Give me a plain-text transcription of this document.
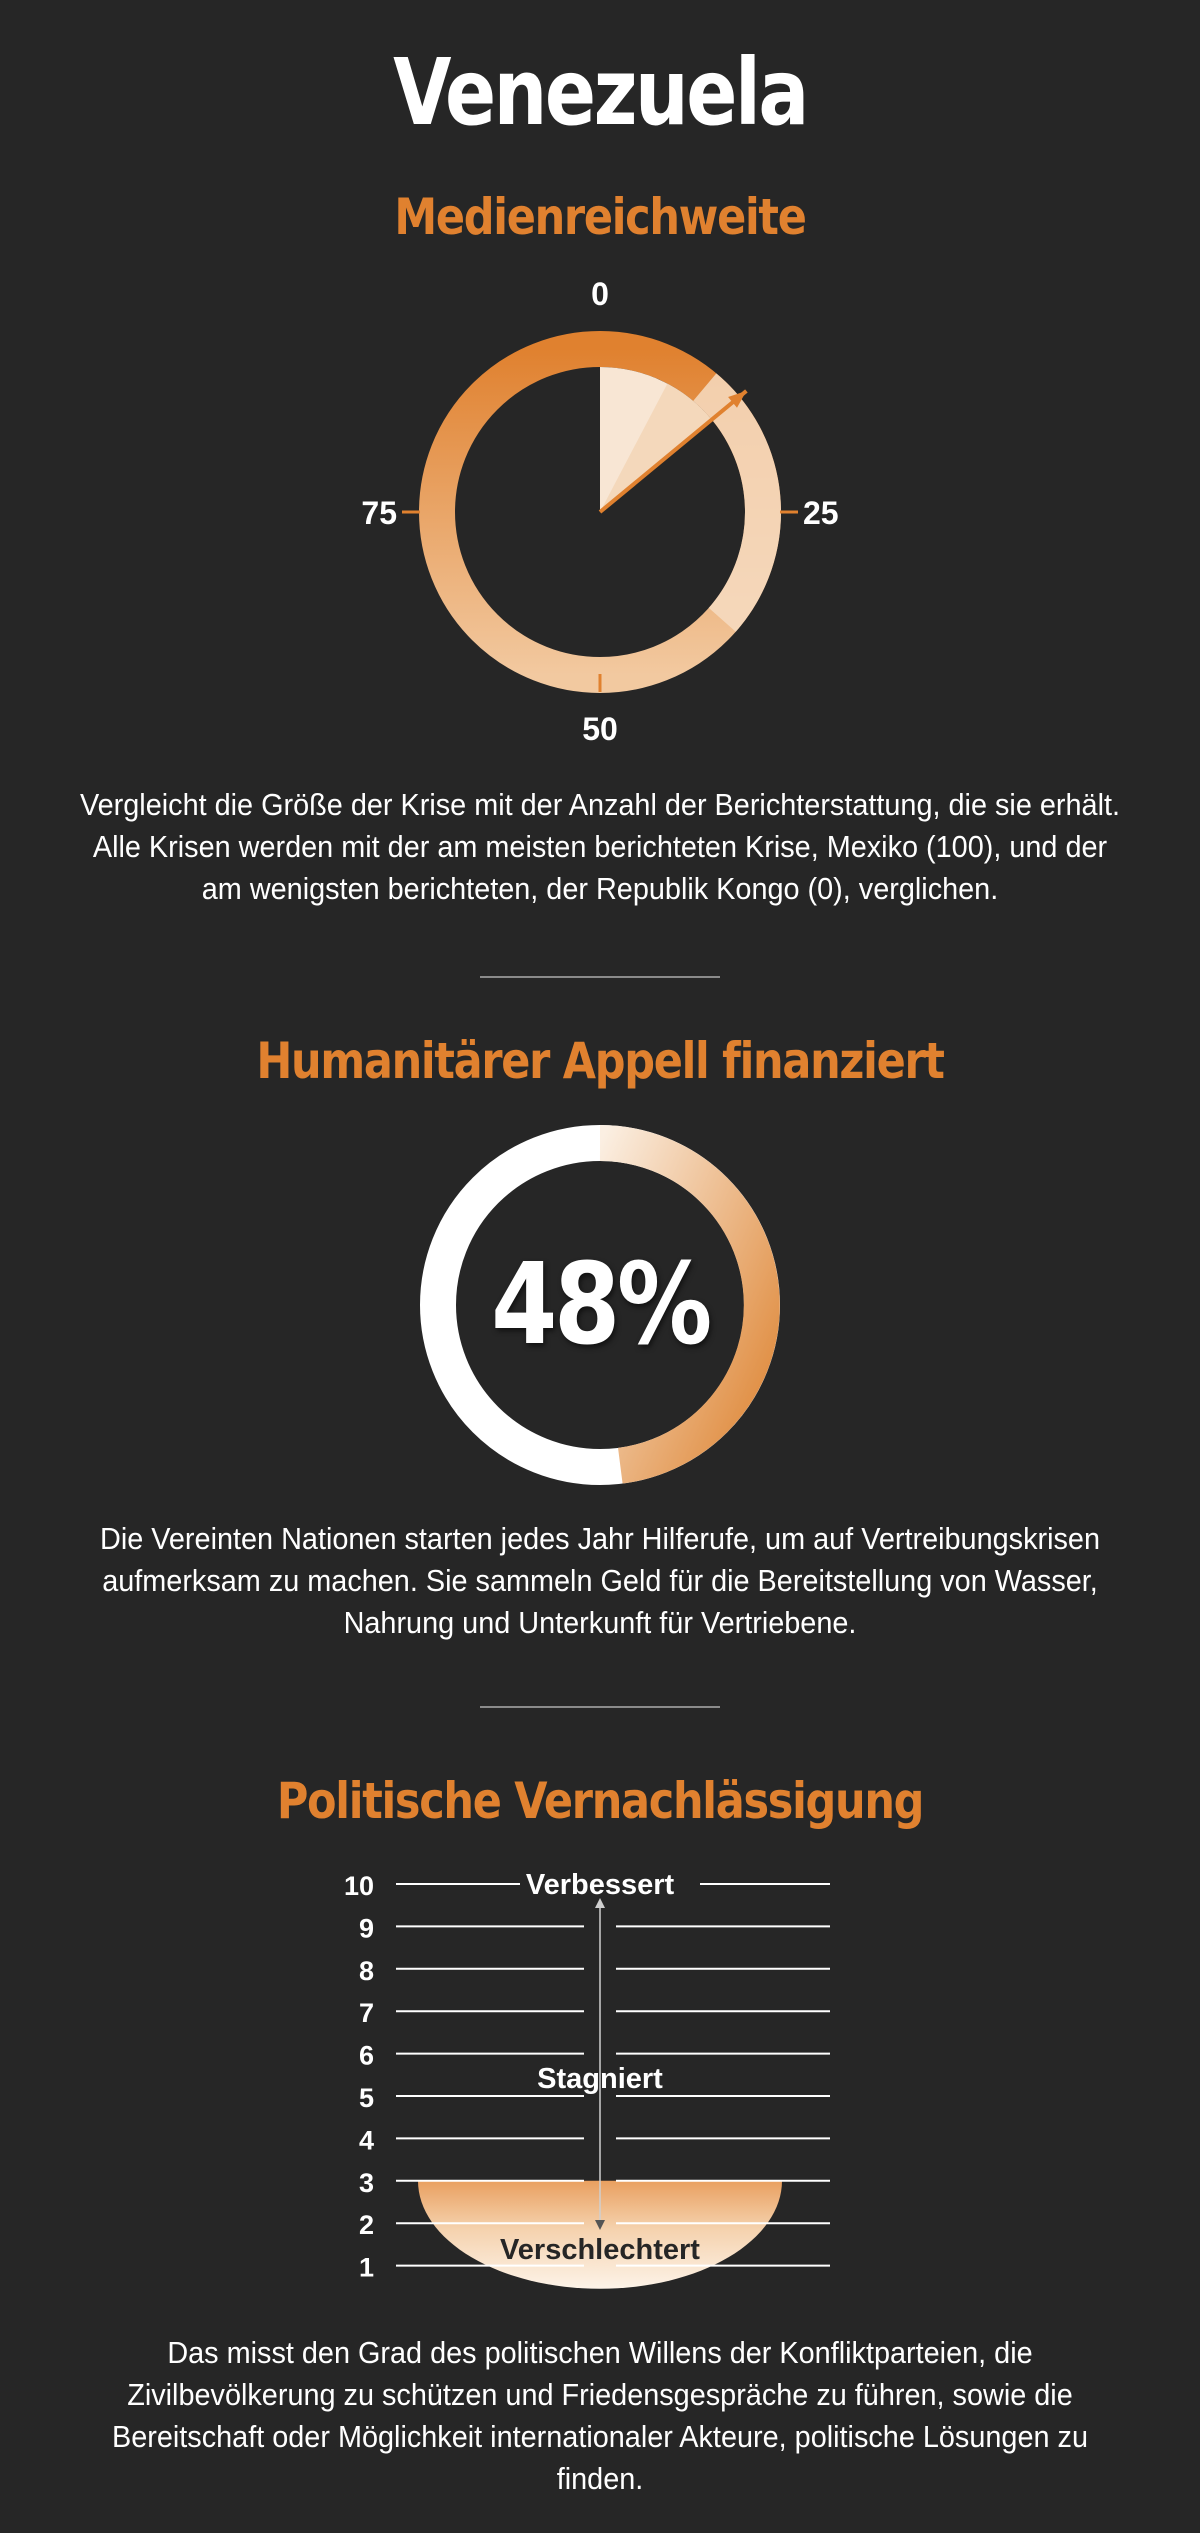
Venezuela
Medienreichweite
0
25
50
75

Vergleicht die Größe der Krise mit der Anzahl der Berichterstattung, die sie erhält. Alle Krisen werden mit der am meisten berichteten Krise, Mexiko (100), und der am wenigsten berichteten, der Republik Kongo (0), verglichen.

Humanitärer Appell finanziert
48%

Die Vereinten Nationen starten jedes Jahr Hilferufe, um auf Vertreibungskrisen aufmerksam zu machen. Sie sammeln Geld für die Bereitstellung von Wasser, Nahrung und Unterkunft für Vertriebene.

Politische Vernachlässigung
10
9
8
7
6
5
4
3
2
1
Verbessert
Stagniert
Verschlechtert

Das misst den Grad des politischen Willens der Konfliktparteien, die Zivilbevölkerung zu schützen und Friedensgespräche zu führen, sowie die Bereitschaft oder Möglichkeit internationaler Akteure, politische Lösungen zu finden.
